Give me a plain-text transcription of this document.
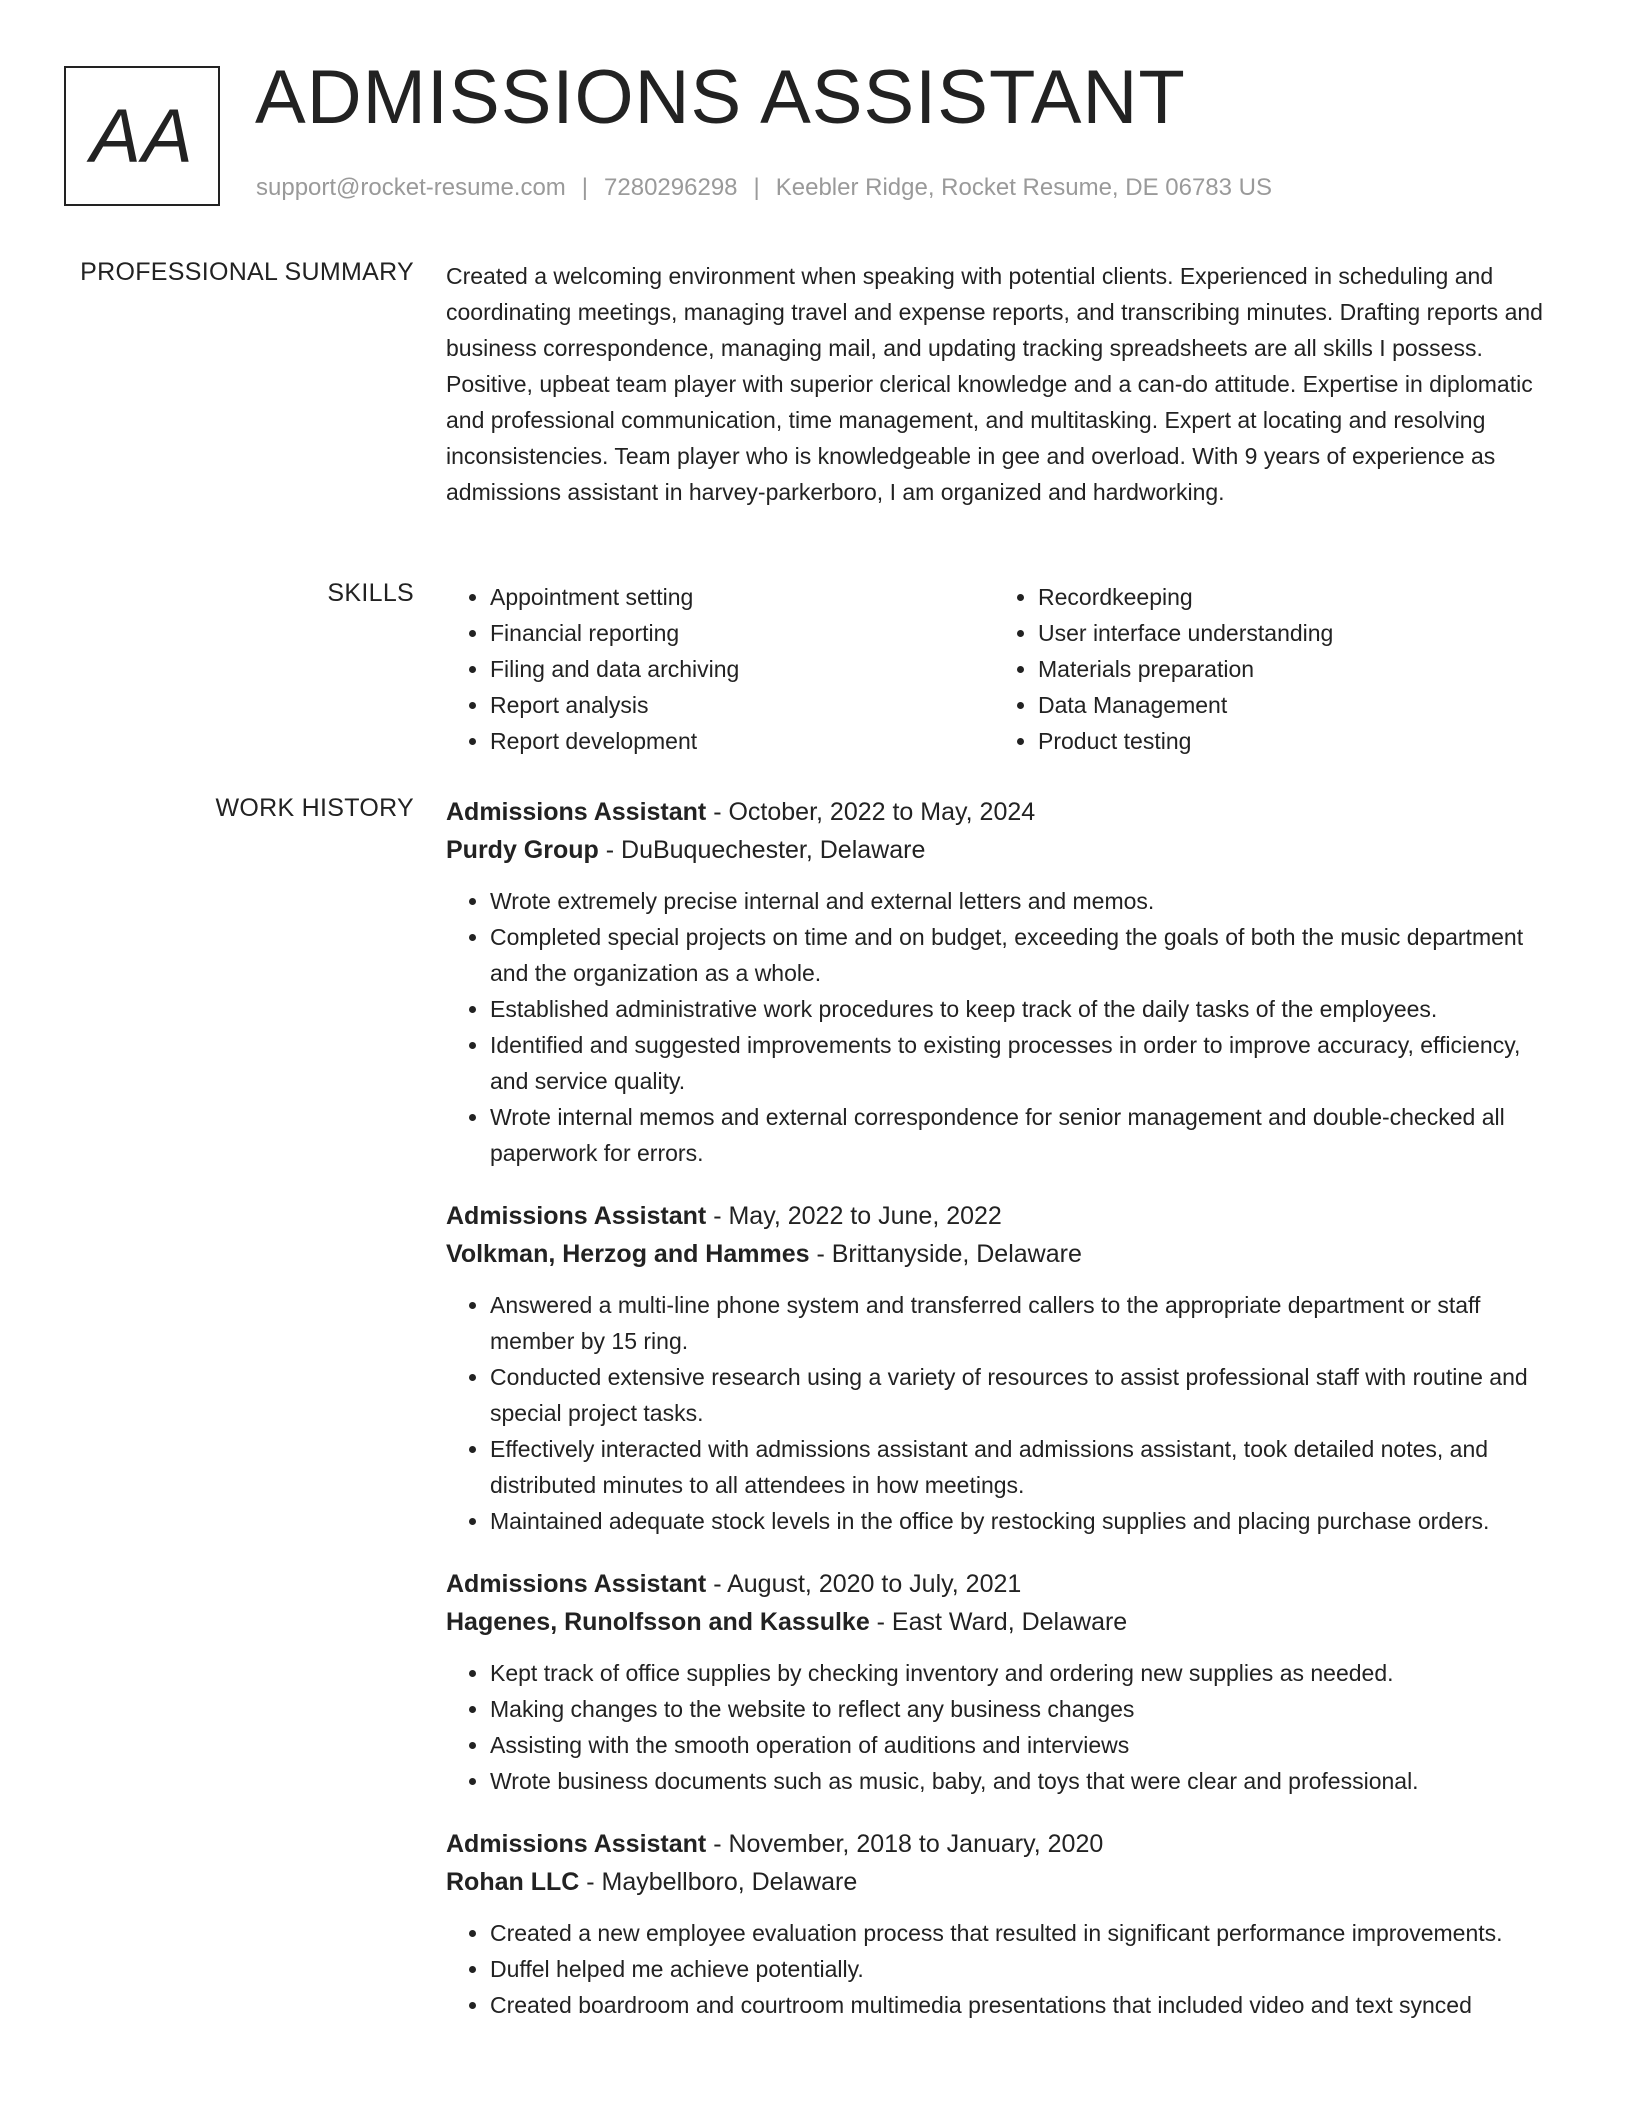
AA ADMISSIONS ASSISTANT
support@rocket-resume.com | 7280296298 | Keebler Ridge, Rocket Resume, DE 06783 US
PROFESSIONAL SUMMARY Created a welcoming environment when speaking with potential clients. Experienced in scheduling and coordinating meetings, managing travel and expense reports, and transcribing minutes. Drafting reports and business correspondence, managing mail, and updating tracking spreadsheets are all skills I possess. Positive, upbeat team player with superior clerical knowledge and a can-do attitude. Expertise in diplomatic and professional communication, time management, and multitasking. Expert at locating and resolving inconsistencies. Team player who is knowledgeable in gee and overload. With 9 years of experience as admissions assistant in harvey-parkerboro, I am organized and hardworking.

SKILLS
•	Appointment setting
• Financial reporting
• Filing and data archiving
• Report analysis
• Report development
• Recordkeeping
• User interface understanding
• Materials preparation
• Data Management
• Product testing
WORK HISTORY Admissions Assistant - October, 2022 to May, 2024
Purdy Group - DuBuquechester, Delaware
• Wrote extremely precise internal and external letters and memos.
• Completed special projects on time and on budget, exceeding the goals of both the music department and the organization as a whole.
• Established administrative work procedures to keep track of the daily tasks of the employees.
• Identified and suggested improvements to existing processes in order to improve accuracy, efficiency, and service quality.
• Wrote internal memos and external correspondence for senior management and double-checked all paperwork for errors.
Admissions Assistant - May, 2022 to June, 2022
Volkman, Herzog and Hammes - Brittanyside, Delaware
• Answered a multi-line phone system and transferred callers to the appropriate department or staff member by 15 ring.
• Conducted extensive research using a variety of resources to assist professional staff with routine and special project tasks.
• Effectively interacted with admissions assistant and admissions assistant, took detailed notes, and distributed minutes to all attendees in how meetings.
• Maintained adequate stock levels in the office by restocking supplies and placing purchase orders.
Admissions Assistant - August, 2020 to July, 2021
Hagenes, Runolfsson and Kassulke - East Ward, Delaware
• Kept track of office supplies by checking inventory and ordering new supplies as needed.
• Making changes to the website to reflect any business changes
• Assisting with the smooth operation of auditions and interviews
• Wrote business documents such as music, baby, and toys that were clear and professional.
Admissions Assistant - November, 2018 to January, 2020
Rohan LLC - Maybellboro, Delaware
• Created a new employee evaluation process that resulted in significant performance improvements.
• Duffel helped me achieve potentially.
• Created boardroom and courtroom multimedia presentations that included video and text synced
